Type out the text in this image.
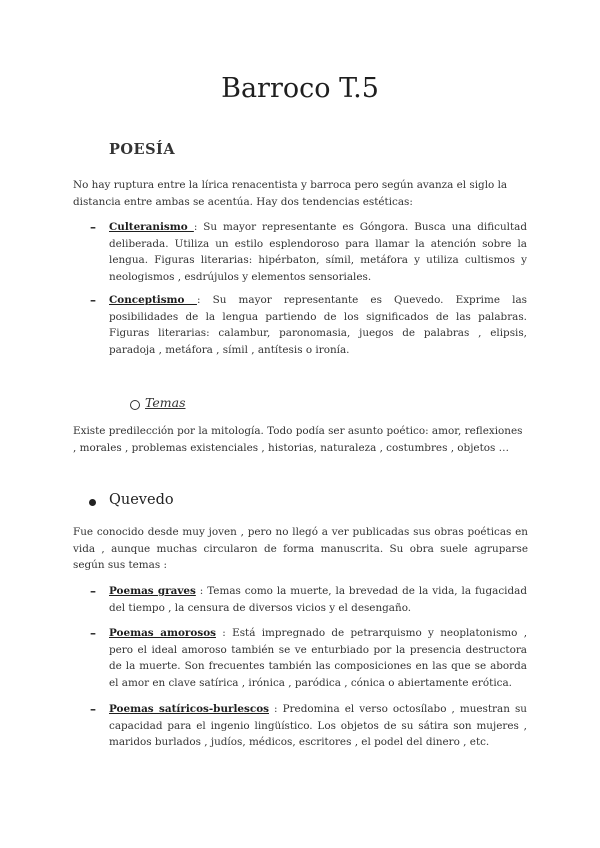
Barroco T.5
POESÍA
No hay ruptura entre la lírica renacentista y barroca pero según avanza el siglo la distancia entre ambas se acentúa. Hay dos tendencias estéticas:
–	Culteranismo : Su mayor representante es Góngora. Busca una dificultad deliberada. Utiliza un estilo esplendoroso para llamar la atención sobre la lengua. Figuras literarias: hipérbaton, símil, metáfora y utiliza cultismos y neologismos , esdrújulos y elementos sensoriales.
–	Conceptismo : Su mayor representante es Quevedo. Exprime las posibilidades de la lengua partiendo de los significados de las palabras. Figuras literarias: calambur, paronomasia, juegos de palabras , elipsis, paradoja , metáfora , símil , antítesis o ironía.
Temas
Existe predilección por la mitología. Todo podía ser asunto poético: amor, reflexiones , morales , problemas existenciales , historias, naturaleza , costumbres , objetos …
Quevedo
Fue conocido desde muy joven , pero no llegó a ver publicadas sus obras poéticas en vida , aunque muchas circularon de forma manuscrita. Su obra suele agruparse según sus temas :
–	Poemas graves : Temas como la muerte, la brevedad de la vida, la fugacidad del tiempo , la censura de diversos vicios y el desengaño.
–	Poemas amorosos : Está impregnado de petrarquismo y neoplatonismo , pero el ideal amoroso también se ve enturbiado por la presencia destructora de la muerte. Son frecuentes también las composiciones en las que se aborda el amor en clave satírica , irónica , paródica , cónica o abiertamente erótica.
–	Poemas satíricos-burlescos : Predomina el verso octosílabo , muestran su capacidad para el ingenio lingüístico. Los objetos de su sátira son mujeres , maridos burlados , judíos, médicos, escritores , el podel del dinero , etc.
